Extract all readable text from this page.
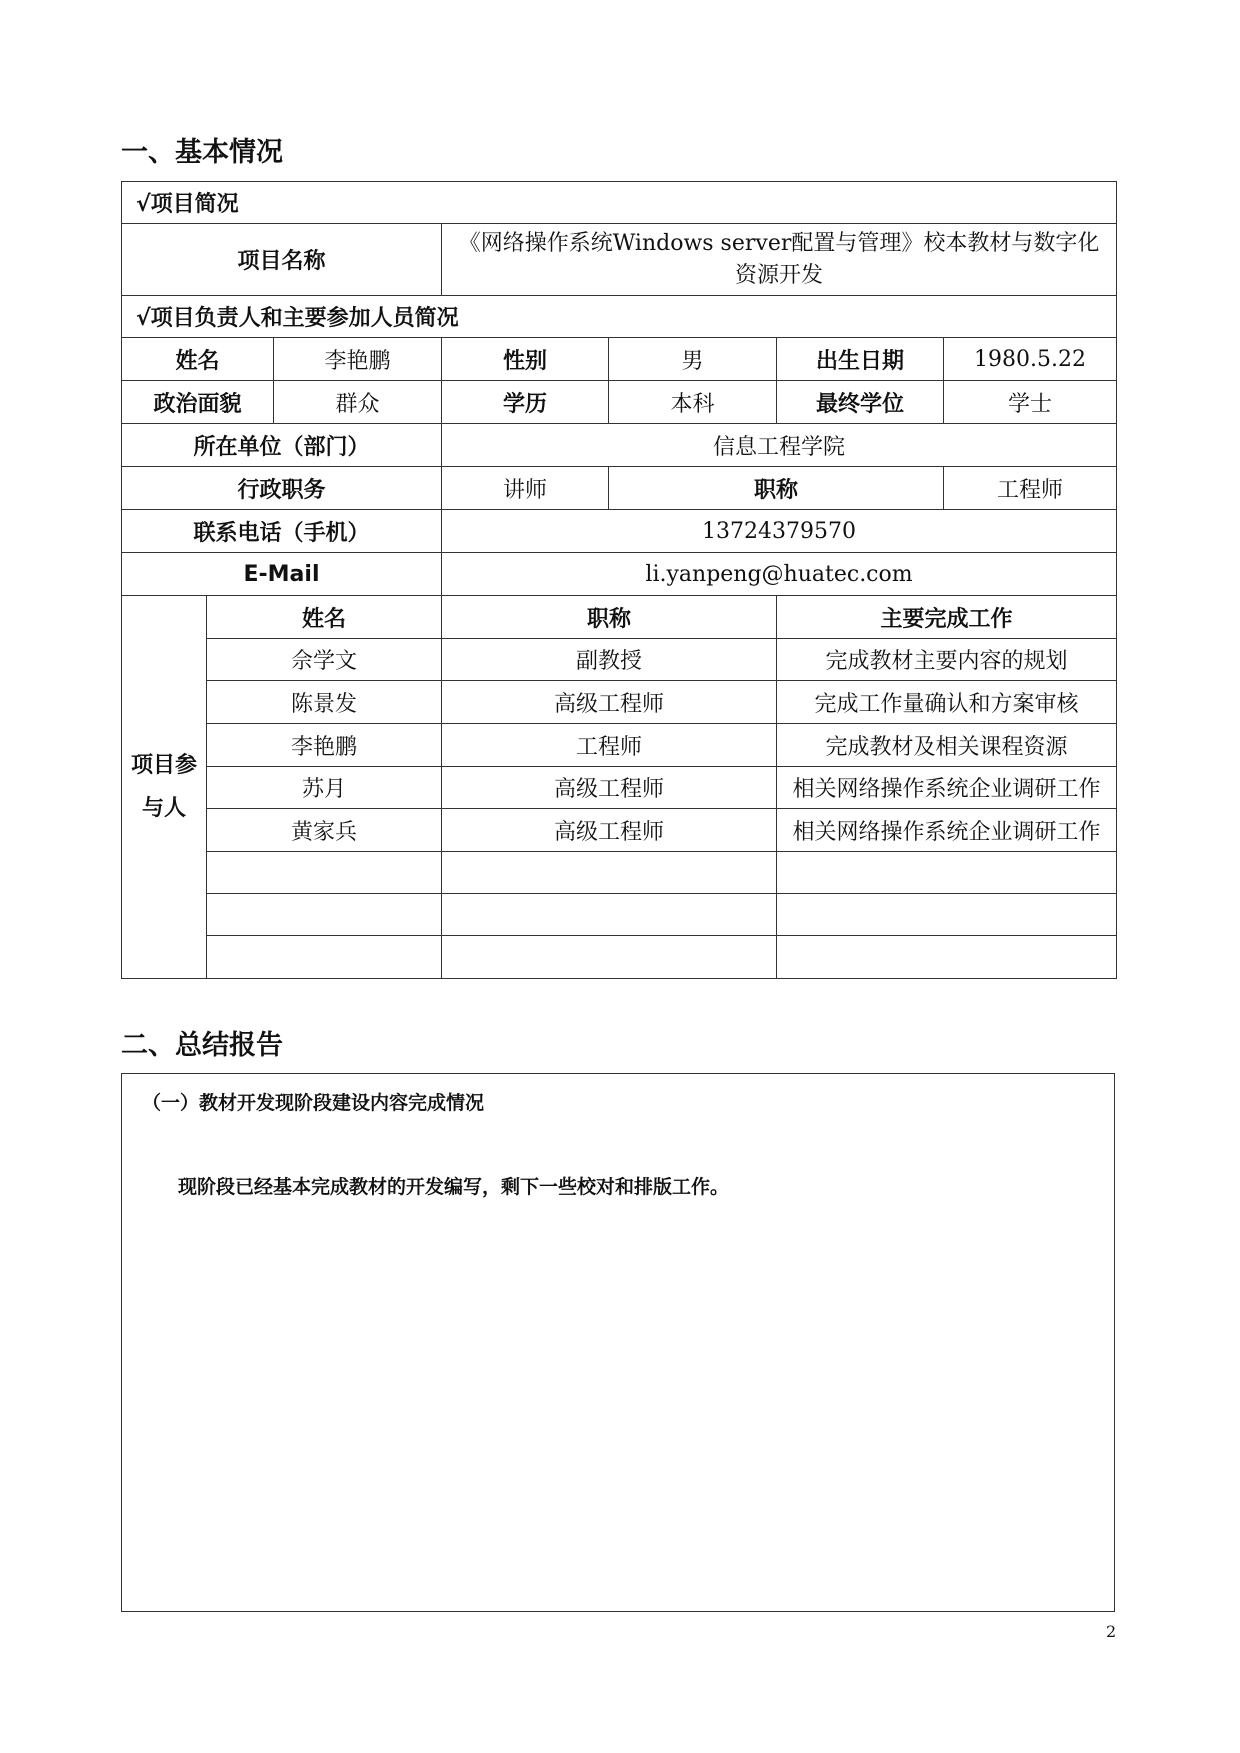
一、基本情况
√项目简况						
项目名称			《网络操作系统Windows server配置与管理》校本教材与数字化资源开发			
√项目负责人和主要参加人员简况						
姓名		李艳鹏	性别	男	出生日期	1980.5.22
政治面貌		群众	学历	本科	最终学位	学士
所在单位（部门）			信息工程学院			
行政职务			讲师	职称		工程师
联系电话（手机）			13724379570			
E-Mail			li.yanpeng@huatec.com			
项目参与人	姓名		职称		主要完成工作	
	佘学文		副教授		完成教材主要内容的规划	
	陈景发		高级工程师		完成工作量确认和方案审核	
	李艳鹏		工程师		完成教材及相关课程资源	
	苏月		高级工程师		相关网络操作系统企业调研工作	
	黄家兵		高级工程师		相关网络操作系统企业调研工作	

二、总结报告
（一）教材开发现阶段建设内容完成情况
现阶段已经基本完成教材的开发编写，剩下一些校对和排版工作。
2
